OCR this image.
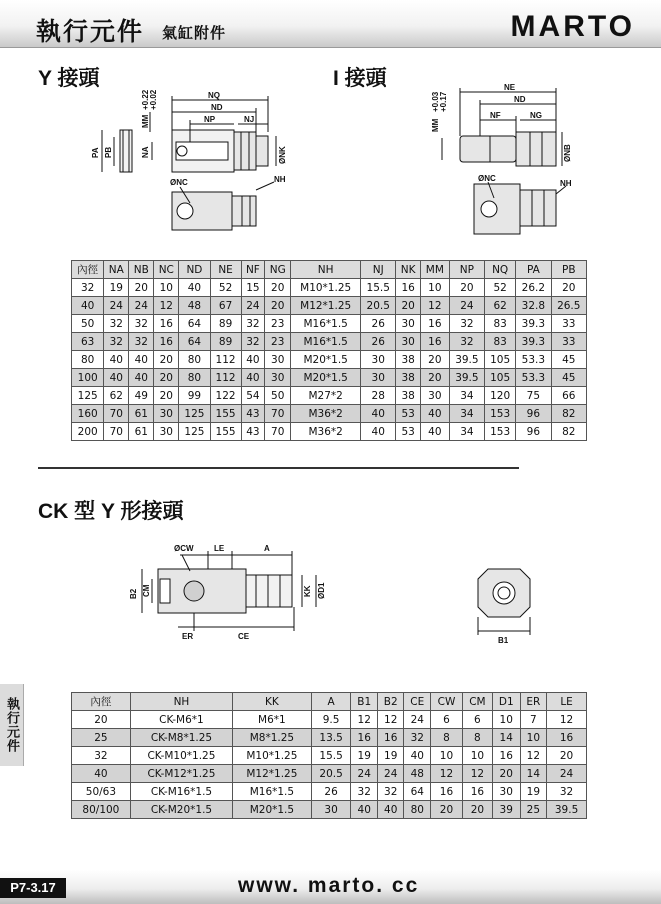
執行元件 氣缸附件	MARTO
Y 接頭	I 接頭
NQ
ND
NP	NJ
MM
+0.22 +0.02
PA PB	NA	ØNK
ØNC	NH
NE
ND
NF	NG
MM
+0.03 +0.17
ØNB
ØNC
NH
內徑	NA	NB	NC	ND	NE	NF	NG	NH	NJ	NK	MM	NP	NQ	PA	PB
32	19	20	10	40	52	15	20	M10*1.25	15.5	16	10	20	52	26.2	20
40	24	24	12	48	67	24	20	M12*1.25	20.5	20	12	24	62	32.8	26.5
50	32	32	16	64	89	32	23	M16*1.5	26	30	16	32	83	39.3	33
63	32	32	16	64	89	32	23	M16*1.5	26	30	16	32	83	39.3	33
80	40	40	20	80	112	40	30	M20*1.5	30	38	20	39.5	105	53.3	45
100	40	40	20	80	112	40	30	M20*1.5	30	38	20	39.5	105	53.3	45
125	62	49	20	99	122	54	50	M27*2	28	38	30	34	120	75	66
160	70	61	30	125	155	43	70	M36*2	40	53	40	34	153	96	82
200	70	61	30	125	155	43	70	M36*2	40	53	40	34	153	96	82
CK 型 Y 形接頭
ØCW	LE	A
B2 CM	KK ØD1
ER	CE	B1
執行元件	內徑	NH	KK	A	B1	B2	CE	CW	CM	D1	ER	LE
20	CK-M6*1	M6*1	9.5	12	12	24	6	6	10	7	12
25	CK-M8*1.25	M8*1.25	13.5	16	16	32	8	8	14	10	16
32	CK-M10*1.25	M10*1.25	15.5	19	19	40	10	10	16	12	20
40	CK-M12*1.25	M12*1.25	20.5	24	24	48	12	12	20	14	24
50/63	CK-M16*1.5	M16*1.5	26	32	32	64	16	16	30	19	32
80/100	CK-M20*1.5	M20*1.5	30	40	40	80	20	20	39	25	39.5
P7-3.17	www. marto. cc
